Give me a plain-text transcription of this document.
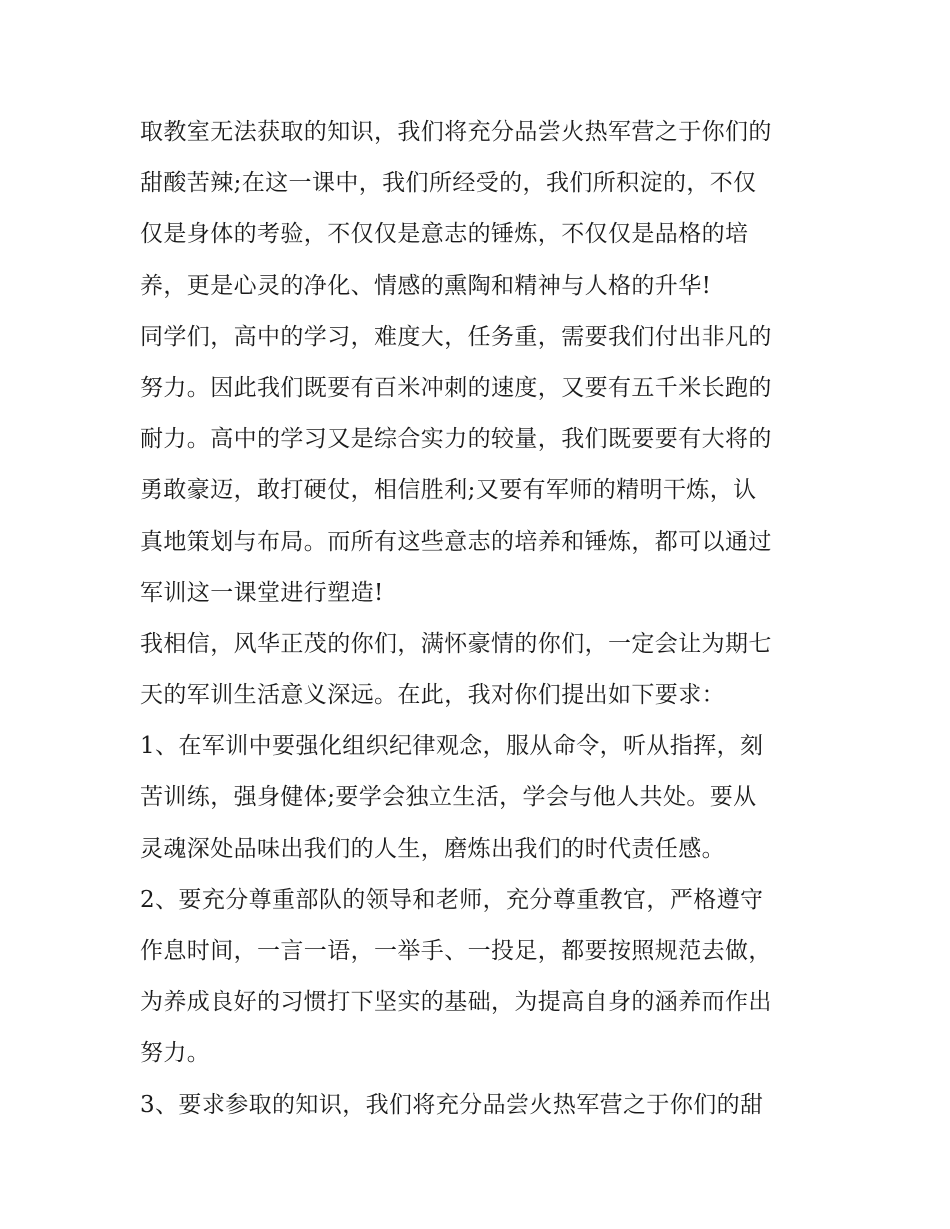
取教室无法获取的知识，我们将充分品尝火热军营之于你们的
甜酸苦辣;在这一课中，我们所经受的，我们所积淀的，不仅
仅是身体的考验，不仅仅是意志的锤炼，不仅仅是品格的培
养，更是心灵的净化、情感的熏陶和精神与人格的升华!
同学们，高中的学习，难度大，任务重，需要我们付出非凡的
努力。因此我们既要有百米冲刺的速度，又要有五千米长跑的
耐力。高中的学习又是综合实力的较量，我们既要要有大将的
勇敢豪迈，敢打硬仗，相信胜利;又要有军师的精明干炼，认
真地策划与布局。而所有这些意志的培养和锤炼，都可以通过
军训这一课堂进行塑造!
我相信，风华正茂的你们，满怀豪情的你们，一定会让为期七
天的军训生活意义深远。在此，我对你们提出如下要求：
1、在军训中要强化组织纪律观念，服从命令，听从指挥，刻
苦训练，强身健体;要学会独立生活，学会与他人共处。要从
灵魂深处品味出我们的人生，磨炼出我们的时代责任感。
2、要充分尊重部队的领导和老师，充分尊重教官，严格遵守
作息时间，一言一语，一举手、一投足，都要按照规范去做，
为养成良好的习惯打下坚实的基础，为提高自身的涵养而作出
努力。
3、要求参取的知识，我们将充分品尝火热军营之于你们的甜
